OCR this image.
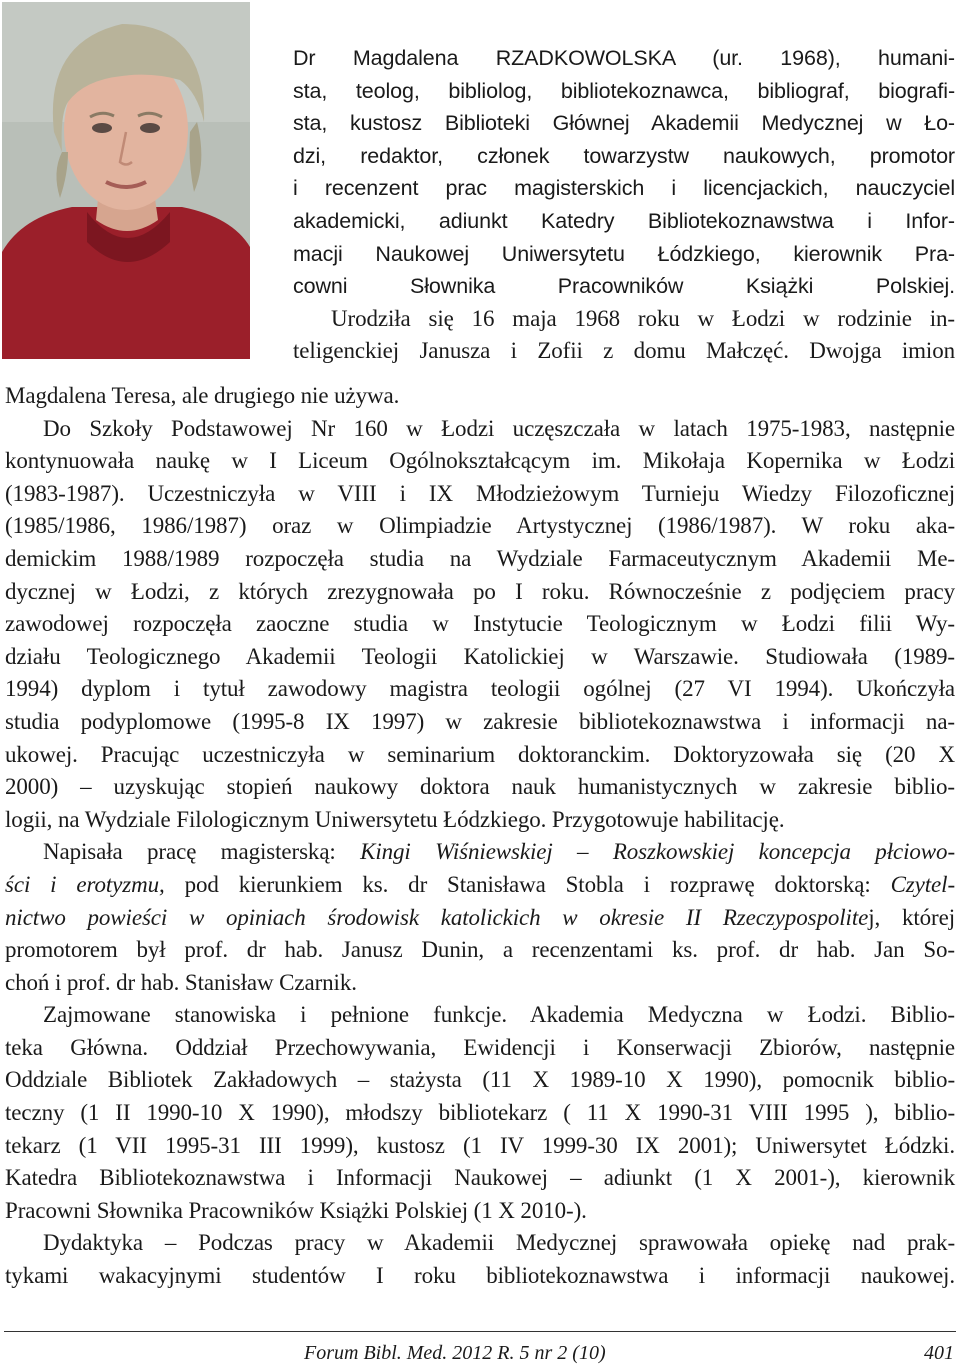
Dr Magdalena RZADKOWOLSKA (ur. 1968), humani-
sta, teolog, bibliolog, bibliotekoznawca, bibliograf, biografi-
sta, kustosz Biblioteki Głównej Akademii Medycznej w Ło-
dzi, redaktor, członek towarzystw naukowych, promotor
i recenzent prac magisterskich i licencjackich, nauczyciel
akademicki, adiunkt Katedry Bibliotekoznawstwa i Infor-
macji Naukowej Uniwersytetu Łódzkiego, kierownik Pra-
cowni Słownika Pracowników Książki Polskiej.
Urodziła się 16 maja 1968 roku w Łodzi w rodzinie in-
teligenckiej Janusza i Zofii z domu Małczęć. Dwojga imion
Magdalena Teresa, ale drugiego nie używa.
Do Szkoły Podstawowej Nr 160 w Łodzi uczęszczała w latach 1975-1983, następnie
kontynuowała naukę w I Liceum Ogólnokształcącym im. Mikołaja Kopernika w Łodzi
(1983-1987). Uczestniczyła w VIII i IX Młodzieżowym Turnieju Wiedzy Filozoficznej
(1985/1986, 1986/1987) oraz w Olimpiadzie Artystycznej (1986/1987). W roku aka-
demickim 1988/1989 rozpoczęła studia na Wydziale Farmaceutycznym Akademii Me-
dycznej w Łodzi, z których zrezygnowała po I roku. Równocześnie z podjęciem pracy
zawodowej rozpoczęła zaoczne studia w Instytucie Teologicznym w Łodzi filii Wy-
działu Teologicznego Akademii Teologii Katolickiej w Warszawie. Studiowała (1989-
1994) dyplom i tytuł zawodowy magistra teologii ogólnej (27 VI 1994). Ukończyła
studia podyplomowe (1995-8 IX 1997) w zakresie bibliotekoznawstwa i informacji na-
ukowej. Pracując uczestniczyła w seminarium doktoranckim. Doktoryzowała się (20 X
2000) – uzyskując stopień naukowy doktora nauk humanistycznych w zakresie biblio-
logii, na Wydziale Filologicznym Uniwersytetu Łódzkiego. Przygotowuje habilitację.
Napisała pracę magisterską: Kingi Wiśniewskiej – Roszkowskiej koncepcja płciowo-
ści i erotyzmu, pod kierunkiem ks. dr Stanisława Stobla i rozprawę doktorską: Czytel-
nictwo powieści w opiniach środowisk katolickich w okresie II Rzeczypospolitej, której
promotorem był prof. dr hab. Janusz Dunin, a recenzentami ks. prof. dr hab. Jan So-
choń i prof. dr hab. Stanisław Czarnik.
Zajmowane stanowiska i pełnione funkcje. Akademia Medyczna w Łodzi. Biblio-
teka Główna. Oddział Przechowywania, Ewidencji i Konserwacji Zbiorów, następnie
Oddziale Bibliotek Zakładowych – stażysta (11 X 1989-10 X 1990), pomocnik biblio-
teczny (1 II 1990-10 X 1990), młodszy bibliotekarz ( 11 X 1990-31 VIII 1995 ), biblio-
tekarz (1 VII 1995-31 III 1999), kustosz (1 IV 1999-30 IX 2001); Uniwersytet Łódzki.
Katedra Bibliotekoznawstwa i Informacji Naukowej – adiunkt (1 X 2001-), kierownik
Pracowni Słownika Pracowników Książki Polskiej (1 X 2010-).
Dydaktyka – Podczas pracy w Akademii Medycznej sprawowała opiekę nad prak-
tykami wakacyjnymi studentów I roku bibliotekoznawstwa i informacji naukowej.
Forum Bibl. Med. 2012 R. 5 nr 2 (10)	401
